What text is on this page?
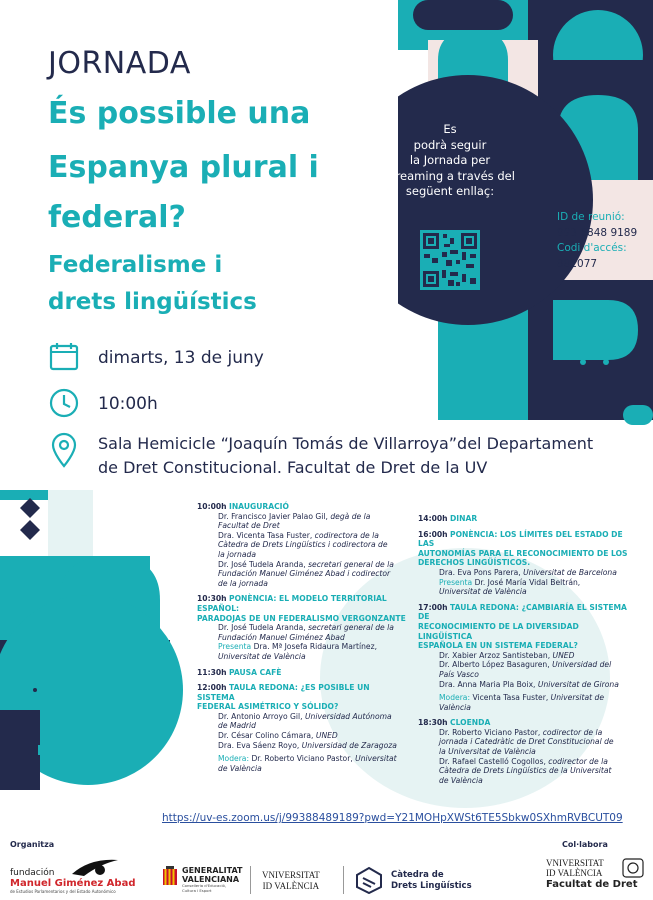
JORNADA
És possible una
Espanya plural i
federal?
Federalisme i
drets lingüístics
Es
podrà seguir
la Jornada per
streaming a través del
següent enllaç:
ID de reunió:
993 8848 9189
Codi d'accés:
882077
dimarts, 13 de juny
10:00h
Sala Hemicicle “Joaquín Tomás de Villarroya”del Departament
de Dret Constitucional. Facultat de Dret de la UV
10:00h INAUGURACIÓ
Dr. Francisco Javier Palao Gil, degà de la
Facultat de Dret
Dra. Vicenta Tasa Fuster, codirectora de la
Càtedra de Drets Lingüístics i codirectora de
la jornada
Dr. José Tudela Aranda, secretari general de la
Fundación Manuel Giménez Abad i codirector
de la jornada
10:30h PONÈNCIA: EL MODELO TERRITORIAL ESPAÑOL:
PARADOJAS DE UN FEDERALISMO VERGONZANTE
Dr. José Tudela Aranda, secretari general de la
Fundación Manuel Giménez Abad
Presenta Dra. Mª Josefa Ridaura Martínez,
Universitat de València
11:30h PAUSA CAFÈ
12:00h TAULA REDONA: ¿ES POSIBLE UN SISTEMA
FEDERAL ASIMÉTRICO Y SÓLIDO?
Dr. Antonio Arroyo Gil, Universidad Autónoma
de Madrid
Dr. César Colino Cámara, UNED
Dra. Eva Sáenz Royo, Universidad de Zaragoza
Modera: Dr. Roberto Viciano Pastor, Universitat
de València
14:00h DINAR
16:00h PONÈNCIA: LOS LÍMITES DEL ESTADO DE LAS
AUTONOMÍAS PARA EL RECONOCIMIENTO DE LOS
DERECHOS LINGÜÍSTICOS.
Dra. Eva Pons Parera, Universitat de Barcelona
Presenta Dr. José María Vidal Beltrán,
Universitat de València
17:00h TAULA REDONA: ¿CAMBIARÍA EL SISTEMA DE
RECONOCIMIENTO DE LA DIVERSIDAD LINGÜÍSTICA
ESPAÑOLA EN UN SISTEMA FEDERAL?
Dr. Xabier Arzoz Santisteban, UNED
Dr. Alberto López Basaguren, Universidad del
País Vasco
Dra. Anna Maria Pla Boix, Universitat de Girona
Modera: Vicenta Tasa Fuster, Universitat de
València
18:30h CLOENDA
Dr. Roberto Viciano Pastor, codirector de la
jornada i Catedràtic de Dret Constitucional de
la Universitat de València
Dr. Rafael Castelló Cogollos, codirector de la
Càtedra de Drets Lingüístics de la Universitat
de València
https://uv-es.zoom.us/j/99388489189?pwd=Y21MOHpXWSt6TE5Sbkw0SXhmRVBCUT09
Organitza	Col·labora
fundación
Manuel Giménez Abad
de Estudios Parlamentarios y del Estado Autonómico
GENERALITAT
VALENCIANA
Conselleria d'Educació,
Cultura i Esport
VNIVERSITAT
ID VALÈNCIA
Càtedra de
Drets Lingüístics
VNIVERSITAT
ID VALÈNCIA
Facultat de Dret
